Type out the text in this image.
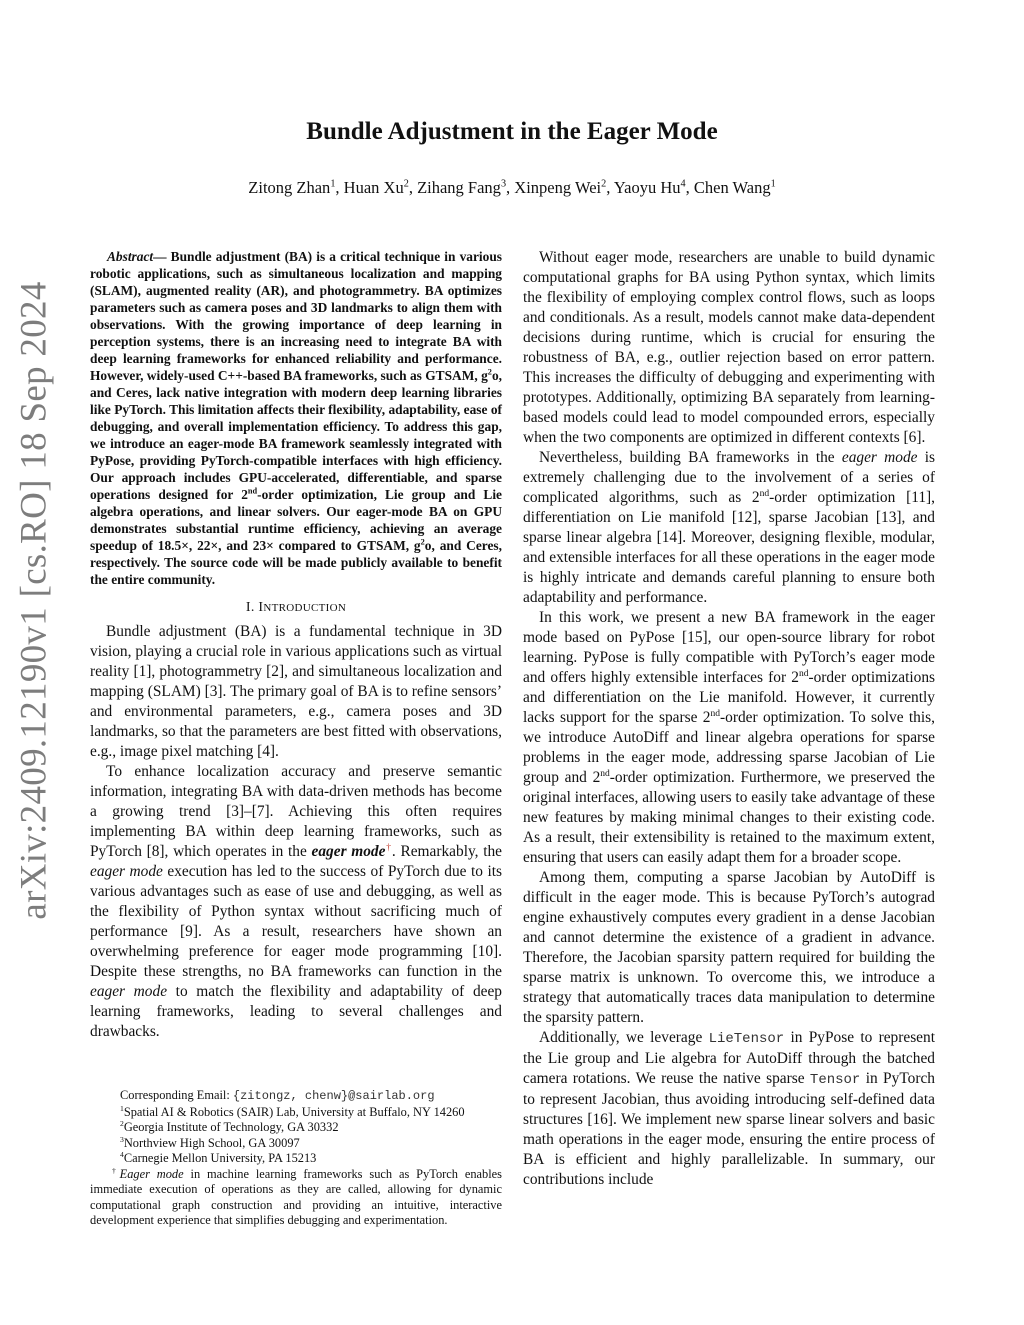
arXiv:2409.12190v1 [cs.RO] 18 Sep 2024
Bundle Adjustment in the Eager Mode
Zitong Zhan$^1$, Huan Xu$^2$, Zihang Fang$^3$, Xinpeng Wei$^2$, Yaoyu Hu$^4$, Chen Wang$^1$

Abstract— Bundle adjustment (BA) is a critical technique in various robotic applications, such as simultaneous localization and mapping (SLAM), augmented reality (AR), and photogrammetry. BA optimizes parameters such as camera poses and 3D landmarks to align them with observations. With the growing importance of deep learning in perception systems, there is an increasing need to integrate BA with deep learning frameworks for enhanced reliability and performance. However, widely-used C++-based BA frameworks, such as GTSAM, $g^2o$, and Ceres, lack native integration with modern deep learning libraries like PyTorch. This limitation affects their flexibility, adaptability, ease of debugging, and overall implementation efficiency. To address this gap, we introduce an eager-mode BA framework seamlessly integrated with PyPose, providing PyTorch-compatible interfaces with high efficiency. Our approach includes GPU-accelerated, differentiable, and sparse operations designed for 2nd-order optimization, Lie group and Lie algebra operations, and linear solvers. Our eager-mode BA on GPU demonstrates substantial runtime efficiency, achieving an average speedup of 18.5×, 22×, and 23× compared to GTSAM, $g^2o$, and Ceres, respectively. The source code will be made publicly available to benefit the entire community.

I. INTRODUCTION

Bundle adjustment (BA) is a fundamental technique in 3D vision, playing a crucial role in various applications such as virtual reality [1], photogrammetry [2], and simultaneous localization and mapping (SLAM) [3]. The primary goal of BA is to refine sensors’ and environmental parameters, e.g., camera poses and 3D landmarks, so that the parameters are best fitted with observations, e.g., image pixel matching [4].

To enhance localization accuracy and preserve semantic information, integrating BA with data-driven methods has become a growing trend [3]–[7]. Achieving this often requires implementing BA within deep learning frameworks, such as PyTorch [8], which operates in the eager mode†. Remarkably, the eager mode execution has led to the success of PyTorch due to its various advantages such as ease of use and debugging, as well as the flexibility of Python syntax without sacrificing much of performance [9]. As a result, researchers have shown an overwhelming preference for eager mode programming [10]. Despite these strengths, no BA frameworks can function in the eager mode to match the flexibility and adaptability of deep learning frameworks, leading to several challenges and drawbacks.

Corresponding Email: {zitongz, chenw}@sairlab.org

$^1$Spatial AI & Robotics (SAIR) Lab, University at Buffalo, NY 14260

$^2$Georgia Institute of Technology, GA 30332

$^3$Northview High School, GA 30097

$^4$Carnegie Mellon University, PA 15213

†Eager mode in machine learning frameworks such as PyTorch enables immediate execution of operations as they are called, allowing for dynamic computational graph construction and providing an intuitive, interactive development experience that simplifies debugging and experimentation.

Without eager mode, researchers are unable to build dynamic computational graphs for BA using Python syntax, which limits the flexibility of employing complex control flows, such as loops and conditionals. As a result, models cannot make data-dependent decisions during runtime, which is crucial for ensuring the robustness of BA, e.g., outlier rejection based on error pattern. This increases the difficulty of debugging and experimenting with prototypes. Additionally, optimizing BA separately from learning-based models could lead to model compounded errors, especially when the two components are optimized in different contexts [6].

Nevertheless, building BA frameworks in the eager mode is extremely challenging due to the involvement of a series of complicated algorithms, such as 2nd-order optimization [11], differentiation on Lie manifold [12], sparse Jacobian [13], and sparse linear algebra [14]. Moreover, designing flexible, modular, and extensible interfaces for all these operations in the eager mode is highly intricate and demands careful planning to ensure both adaptability and performance.

In this work, we present a new BA framework in the eager mode based on PyPose [15], our open-source library for robot learning. PyPose is fully compatible with PyTorch’s eager mode and offers highly extensible interfaces for 2nd-order optimizations and differentiation on the Lie manifold. However, it currently lacks support for the sparse 2nd-order optimization. To solve this, we introduce AutoDiff and linear algebra operations for sparse problems in the eager mode, addressing sparse Jacobian of Lie group and 2nd-order optimization. Furthermore, we preserved the original interfaces, allowing users to easily take advantage of these new features by making minimal changes to their existing code. As a result, their extensibility is retained to the maximum extent, ensuring that users can easily adapt them for a broader scope.

Among them, computing a sparse Jacobian by AutoDiff is difficult in the eager mode. This is because PyTorch’s autograd engine exhaustively computes every gradient in a dense Jacobian and cannot determine the existence of a gradient in advance. Therefore, the Jacobian sparsity pattern required for building the sparse matrix is unknown. To overcome this, we introduce a strategy that automatically traces data manipulation to determine the sparsity pattern.

Additionally, we leverage LieTensor in PyPose to represent the Lie group and Lie algebra for AutoDiff through the batched camera rotations. We reuse the native sparse Tensor in PyTorch to represent Jacobian, thus avoiding introducing self-defined data structures [16]. We implement new sparse linear solvers and basic math operations in the eager mode, ensuring the entire process of BA is efficient and highly parallelizable. In summary, our contributions include
